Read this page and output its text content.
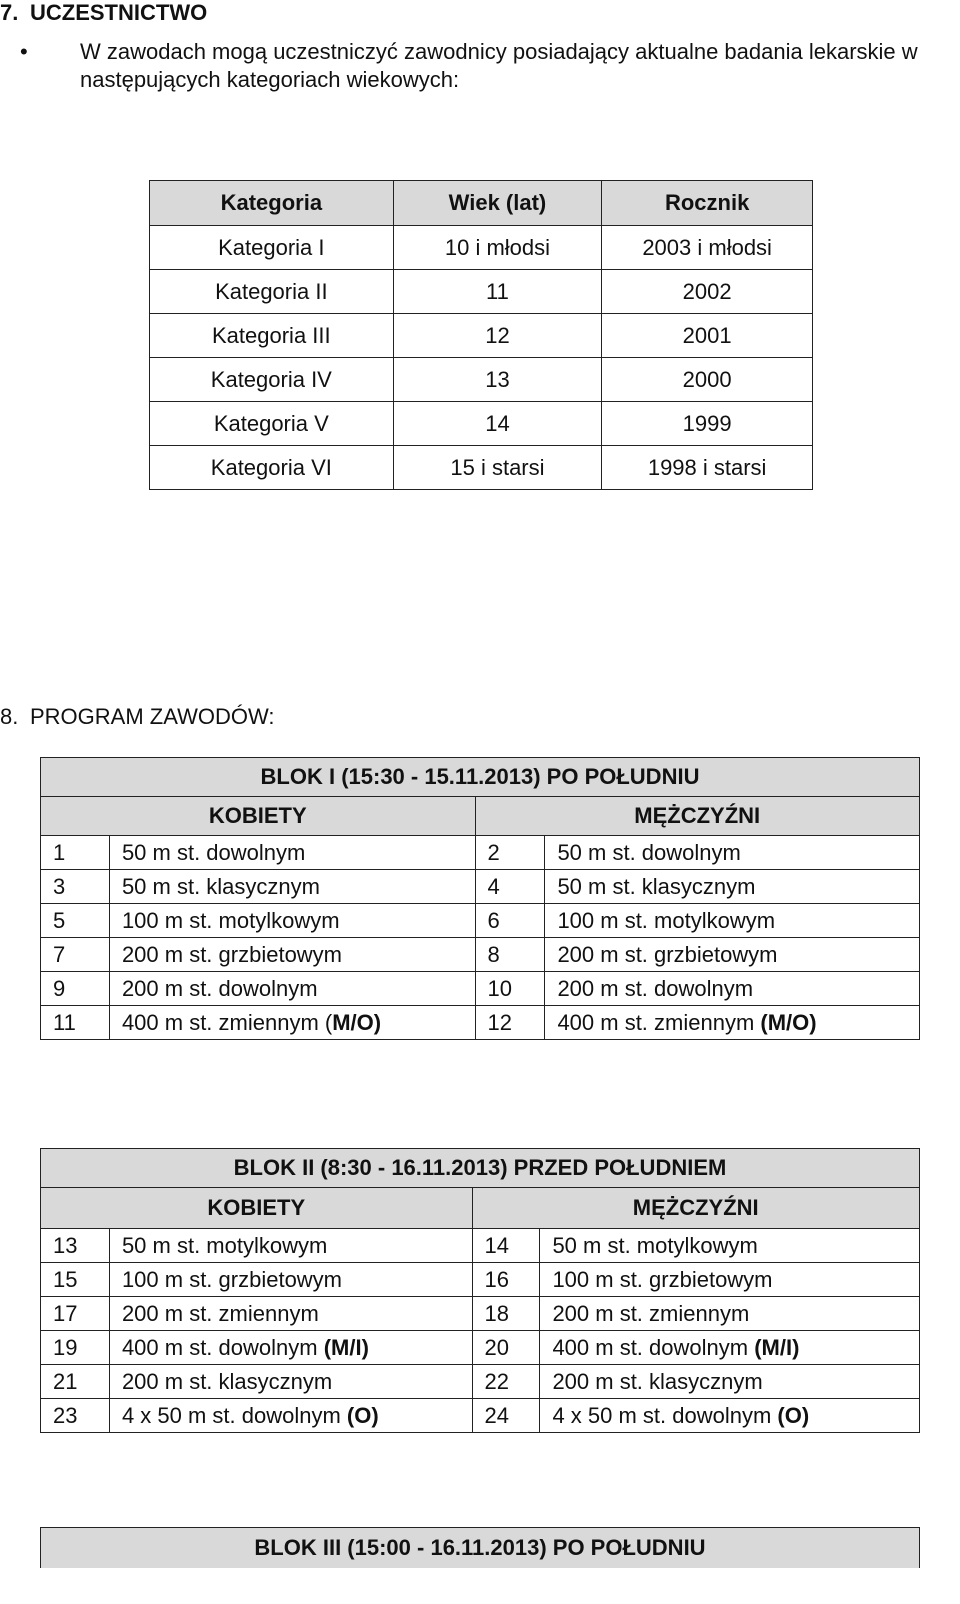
7. UCZESTNICTWO
• W zawodach mogą uczestniczyć zawodnicy posiadający aktualne badania lekarskie w następujących kategoriach wiekowych:
Kategoria	Wiek (lat)	Rocznik
Kategoria I	10 i młodsi	2003 i młodsi
Kategoria II	11	2002
Kategoria III	12	2001
Kategoria IV	13	2000
Kategoria V	14	1999
Kategoria VI	15 i starsi	1998 i starsi
8. PROGRAM ZAWODÓW:
BLOK I (15:30 - 15.11.2013) PO POŁUDNIU			
KOBIETY		MĘŻCZYŹNI	
1	50 m st. dowolnym	2	50 m st. dowolnym
3	50 m st. klasycznym	4	50 m st. klasycznym
5	100 m st. motylkowym	6	100 m st. motylkowym
7	200 m st. grzbietowym	8	200 m st. grzbietowym
9	200 m st. dowolnym	10	200 m st. dowolnym
11	400 m st. zmiennym (M/O)	12	400 m st. zmiennym (M/O)
BLOK II (8:30 - 16.11.2013) PRZED POŁUDNIEM			
KOBIETY		MĘŻCZYŹNI	
13	50 m st. motylkowym	14	50 m st. motylkowym
15	100 m st. grzbietowym	16	100 m st. grzbietowym
17	200 m st. zmiennym	18	200 m st. zmiennym
19	400 m st. dowolnym (M/I)	20	400 m st. dowolnym (M/I)
21	200 m st. klasycznym	22	200 m st. klasycznym
23	4 x 50 m st. dowolnym (O)	24	4 x 50 m st. dowolnym (O)
BLOK III (15:00 - 16.11.2013) PO POŁUDNIU
